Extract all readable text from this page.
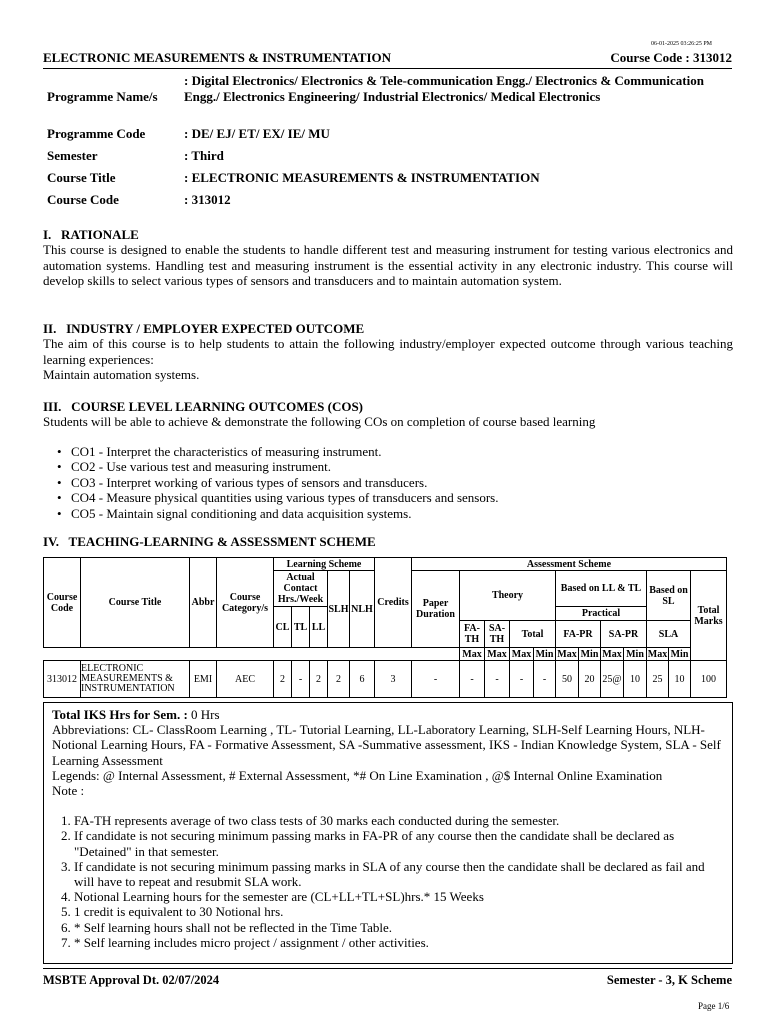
06-01-2025 03:26:25 PM
ELECTRONIC MEASUREMENTS & INSTRUMENTATION	Course Code : 313012
Programme Name/s
: Digital Electronics/ Electronics & Tele-communication Engg./ Electronics & Communication Engg./ Electronics Engineering/ Industrial Electronics/ Medical Electronics
Programme Code	: DE/ EJ/ ET/ EX/ IE/ MU
Semester	: Third
Course Title	: ELECTRONIC MEASUREMENTS & INSTRUMENTATION
Course Code	: 313012
I.   RATIONALE
This course is designed to enable the students to handle different test and measuring instrument for testing various electronics and automation systems. Handling test and measuring instrument is the essential activity in any electronic industry. This course will develop skills to select various types of sensors and transducers and to maintain automation system.
II.   INDUSTRY / EMPLOYER EXPECTED OUTCOME
The aim of this course is to help students to attain the following industry/employer expected outcome through various teaching learning experiences:
Maintain automation systems.
III.   COURSE LEVEL LEARNING OUTCOMES (COS)
Students will be able to achieve & demonstrate the following COs on completion of course based learning
• CO1 - Interpret the characteristics of measuring instrument.
• CO2 - Use various test and measuring instrument.
• CO3 - Interpret working of various types of sensors and transducers.
• CO4 - Measure physical quantities using various types of transducers and sensors.
• CO5 - Maintain signal conditioning and data acquisition systems.
IV.   TEACHING-LEARNING & ASSESSMENT SCHEME
Course Code	Course Title	Abbr	Course Category/s	Learning Scheme					Credits	Assessment Scheme												
				Actual Contact Hrs./Week			SLH	NLH		Paper Duration	Theory				Based on LL & TL				Based on SL		Total Marks	
				CL	TL	LL									Practical							
											FA-TH	SA-TH	Total		FA-PR		SA-PR		SLA			
											Max	Max	Max	Min	Max	Min	Max	Min	Max	Min		
313012	ELECTRONIC MEASUREMENTS & INSTRUMENTATION	EMI	AEC	2	-	2	2	6	3	-	-	-	-	-	50	20	25@	10	25	10	100	
Total IKS Hrs for Sem. : 0 Hrs
Abbreviations: CL- ClassRoom Learning , TL- Tutorial Learning, LL-Laboratory Learning, SLH-Self Learning Hours, NLH-Notional Learning Hours, FA - Formative Assessment, SA -Summative assessment, IKS - Indian Knowledge System, SLA - Self Learning Assessment
Legends: @ Internal Assessment, # External Assessment, *# On Line Examination , @$ Internal Online Examination
Note :
1. FA-TH represents average of two class tests of 30 marks each conducted during the semester.
2. If candidate is not securing minimum passing marks in FA-PR of any course then the candidate shall be declared as "Detained" in that semester.
3. If candidate is not securing minimum passing marks in SLA of any course then the candidate shall be declared as fail and will have to repeat and resubmit SLA work.
4. Notional Learning hours for the semester are (CL+LL+TL+SL)hrs.* 15 Weeks
5. 1 credit is equivalent to 30 Notional hrs.
6. * Self learning hours shall not be reflected in the Time Table.
7. * Self learning includes micro project / assignment / other activities.
MSBTE Approval Dt. 02/07/2024	Semester - 3, K Scheme
Page 1/6
